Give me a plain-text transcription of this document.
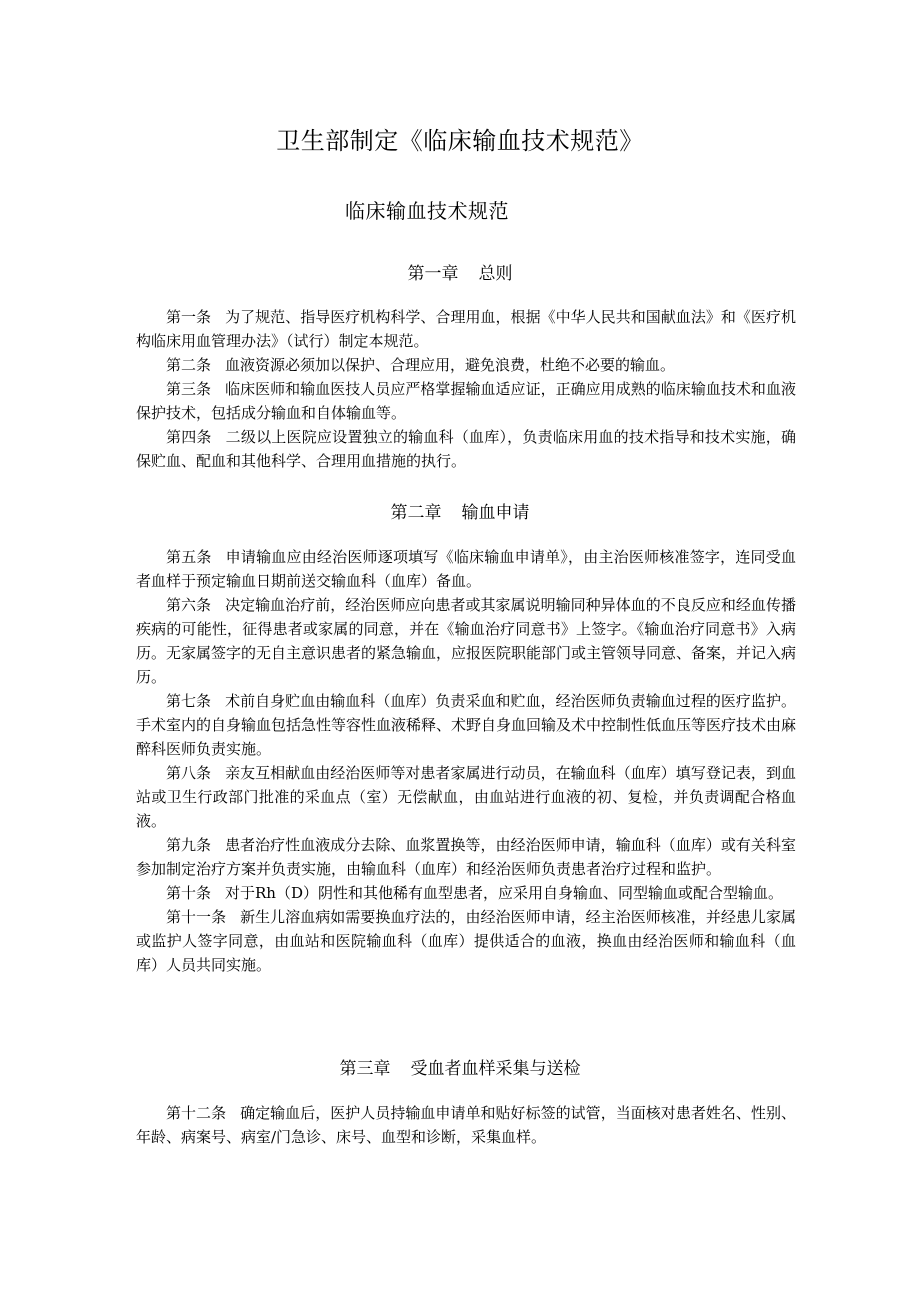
卫生部制定《临床输血技术规范》
临床输血技术规范
第一章 总则

第一条 为了规范、指导医疗机构科学、合理用血，根据《中华人民共和国献血法》和《医疗机构临床用血管理办法》（试行）制定本规范。

第二条 血液资源必须加以保护、合理应用，避免浪费，杜绝不必要的输血。

第三条 临床医师和输血医技人员应严格掌握输血适应证，正确应用成熟的临床输血技术和血液保护技术，包括成分输血和自体输血等。

第四条 二级以上医院应设置独立的输血科（血库），负责临床用血的技术指导和技术实施，确保贮血、配血和其他科学、合理用血措施的执行。

第二章 输血申请

第五条 申请输血应由经治医师逐项填写《临床输血申请单》，由主治医师核准签字，连同受血者血样于预定输血日期前送交输血科（血库）备血。

第六条 决定输血治疗前，经治医师应向患者或其家属说明输同种异体血的不良反应和经血传播疾病的可能性，征得患者或家属的同意，并在《输血治疗同意书》上签字。《输血治疗同意书》入病历。无家属签字的无自主意识患者的紧急输血，应报医院职能部门或主管领导同意、备案，并记入病历。

第七条 术前自身贮血由输血科（血库）负责采血和贮血，经治医师负责输血过程的医疗监护。手术室内的自身输血包括急性等容性血液稀释、术野自身血回输及术中控制性低血压等医疗技术由麻醉科医师负责实施。

第八条 亲友互相献血由经治医师等对患者家属进行动员，在输血科（血库）填写登记表，到血站或卫生行政部门批准的采血点（室）无偿献血，由血站进行血液的初、复检，并负责调配合格血液。

第九条 患者治疗性血液成分去除、血浆置换等，由经治医师申请，输血科（血库）或有关科室参加制定治疗方案并负责实施，由输血科（血库）和经治医师负责患者治疗过程和监护。

第十条 对于Rh（D）阴性和其他稀有血型患者，应采用自身输血、同型输血或配合型输血。

第十一条 新生儿溶血病如需要换血疗法的，由经治医师申请，经主治医师核准，并经患儿家属或监护人签字同意，由血站和医院输血科（血库）提供适合的血液，换血由经治医师和输血科（血库）人员共同实施。

第三章 受血者血样采集与送检

第十二条 确定输血后，医护人员持输血申请单和贴好标签的试管，当面核对患者姓名、性别、年龄、病案号、病室/门急诊、床号、血型和诊断，采集血样。
